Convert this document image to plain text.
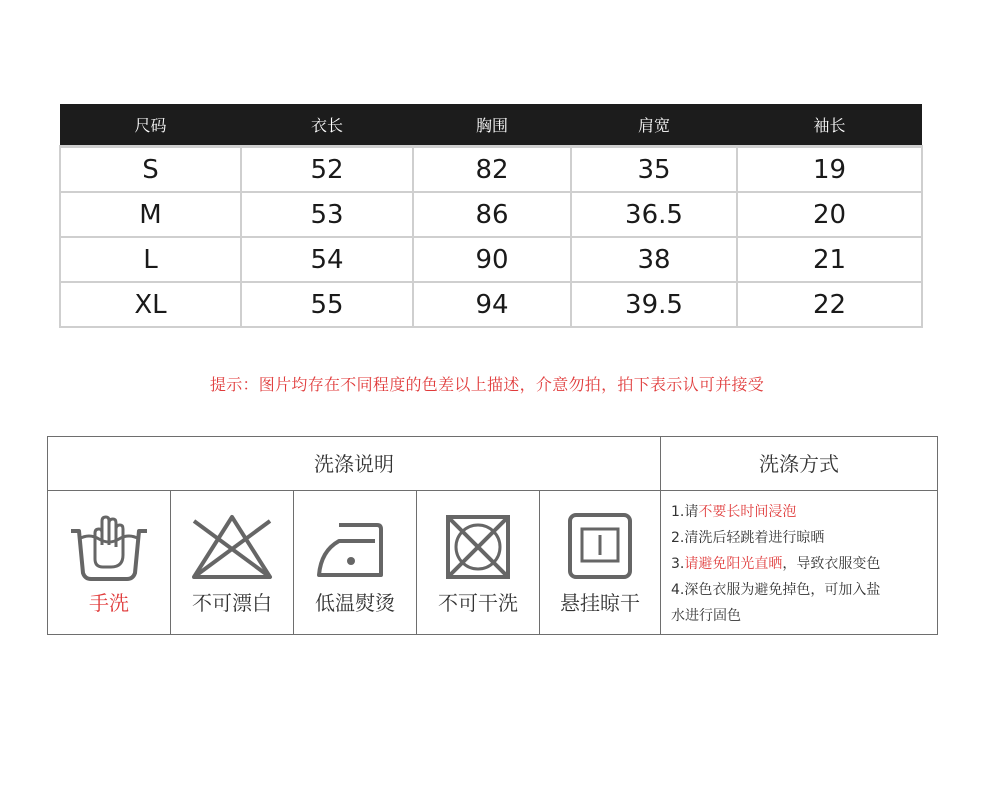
尺码	衣长	胸围	肩宽	袖长
S	52	82	35	19
M	53	86	36.5	20
L	54	90	38	21
XL	55	94	39.5	22
提示：图片均存在不同程度的色差以上描述，介意勿拍，拍下表示认可并接受
洗涤说明	洗涤方式
手洗	不可漂白	低温熨烫	不可干洗	悬挂晾干
1.请不要长时间浸泡
2.清洗后轻跳着进行晾晒
3.请避免阳光直晒，导致衣服变色
4.深色衣服为避免掉色，可加入盐
水进行固色
